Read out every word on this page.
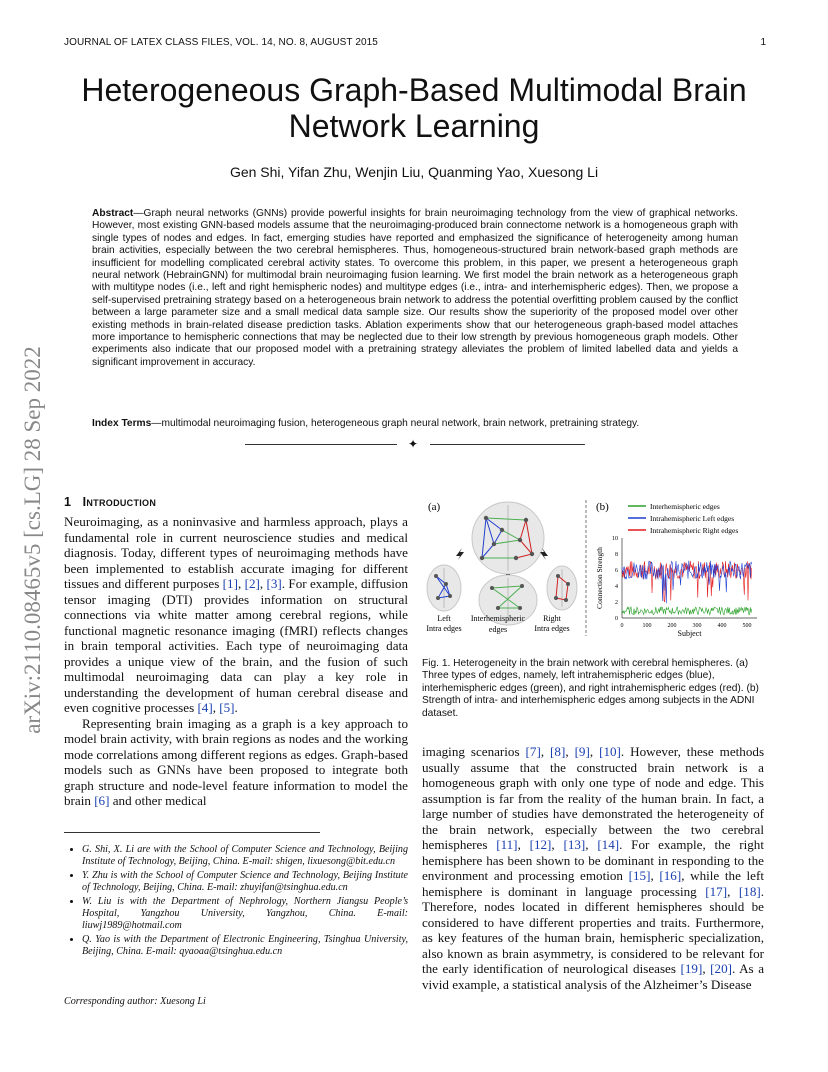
JOURNAL OF LATEX CLASS FILES, VOL. 14, NO. 8, AUGUST 2015	1
Heterogeneous Graph-Based Multimodal Brain Network Learning
Gen Shi, Yifan Zhu, Wenjin Liu, Quanming Yao, Xuesong Li
Abstract—Graph neural networks (GNNs) provide powerful insights for brain neuroimaging technology from the view of graphical networks. However, most existing GNN-based models assume that the neuroimaging-produced brain connectome network is a homogeneous graph with single types of nodes and edges. In fact, emerging studies have reported and emphasized the significance of heterogeneity among human brain activities, especially between the two cerebral hemispheres. Thus, homogeneous-structured brain network-based graph methods are insufficient for modelling complicated cerebral activity states. To overcome this problem, in this paper, we present a heterogeneous graph neural network (HebrainGNN) for multimodal brain neuroimaging fusion learning. We first model the brain network as a heterogeneous graph with multitype nodes (i.e., left and right hemispheric nodes) and multitype edges (i.e., intra- and interhemispheric edges). Then, we propose a self-supervised pretraining strategy based on a heterogeneous brain network to address the potential overfitting problem caused by the conflict between a large parameter size and a small medical data sample size. Our results show the superiority of the proposed model over other existing methods in brain-related disease prediction tasks. Ablation experiments show that our heterogeneous graph-based model attaches more importance to hemispheric connections that may be neglected due to their low strength by previous homogeneous graph models. Other experiments also indicate that our proposed model with a pretraining strategy alleviates the problem of limited labelled data and yields a significant improvement in accuracy.
Index Terms—multimodal neuroimaging fusion, heterogeneous graph neural network, brain network, pretraining strategy.
✦
arXiv:2110.08465v5 [cs.LG] 28 Sep 2022 1 Introduction

Neuroimaging, as a noninvasive and harmless approach, plays a fundamental role in current neuroscience studies and medical diagnosis. Today, different types of neuroimaging methods have been implemented to establish accurate imaging for different tissues and different purposes [1], [2], [3]. For example, diffusion tensor imaging (DTI) provides information on structural connections via white matter among cerebral regions, while functional magnetic resonance imaging (fMRI) reflects changes in brain temporal activities. Each type of neuroimaging data provides a unique view of the brain, and the fusion of such multimodal neuroimaging data can play a key role in understanding the development of human cerebral disease and even cognitive processes [4], [5].

Representing brain imaging as a graph is a key approach to model brain activity, with brain regions as nodes and the working mode correlations among different regions as edges. Graph-based models such as GNNs have been proposed to integrate both graph structure and node-level feature information to model the brain [6] and other medical

• G. Shi, X. Li are with the School of Computer Science and Technology, Beijing Institute of Technology, Beijing, China. E-mail: shigen, lixuesong@bit.edu.cn
• Y. Zhu is with the School of Computer Science and Technology, Beijing Institute of Technology, Beijing, China. E-mail: zhuyifan@tsinghua.edu.cn
• W. Liu is with the Department of Nephrology, Northern Jiangsu People’s Hospital, Yangzhou University, Yangzhou, China. E-mail: liuwj1989@hotmail.com
• Q. Yao is with the Department of Electronic Engineering, Tsinghua University, Beijing, China. E-mail: qyaoaa@tsinghua.edu.cn
Corresponding author: Xuesong Li
(a)	(b)
Left
Intra edges
Interhemispheric
edges
Right
Intra edges	0	100	200	300	400	500
0
2
4
6
8
10
Subject
Connection Strength
Interhemispheric edges
Intrahemispheric Left edges
Intrahemispheric Right edges
Fig. 1. Heterogeneity in the brain network with cerebral hemispheres. (a) Three types of edges, namely, left intrahemispheric edges (blue), interhemispheric edges (green), and right intrahemispheric edges (red). (b) Strength of intra- and interhemispheric edges among subjects in the ADNI dataset.

imaging scenarios [7], [8], [9], [10]. However, these methods usually assume that the constructed brain network is a homogeneous graph with only one type of node and edge. This assumption is far from the reality of the human brain. In fact, a large number of studies have demonstrated the heterogeneity of the brain network, especially between the two cerebral hemispheres [11], [12], [13], [14]. For example, the right hemisphere has been shown to be dominant in responding to the environment and processing emotion [15], [16], while the left hemisphere is dominant in language processing [17], [18]. Therefore, nodes located in different hemispheres should be considered to have different properties and traits. Furthermore, as key features of the human brain, hemispheric specialization, also known as brain asymmetry, is considered to be relevant for the early identification of neurological diseases [19], [20]. As a vivid example, a statistical analysis of the Alzheimer’s Disease
